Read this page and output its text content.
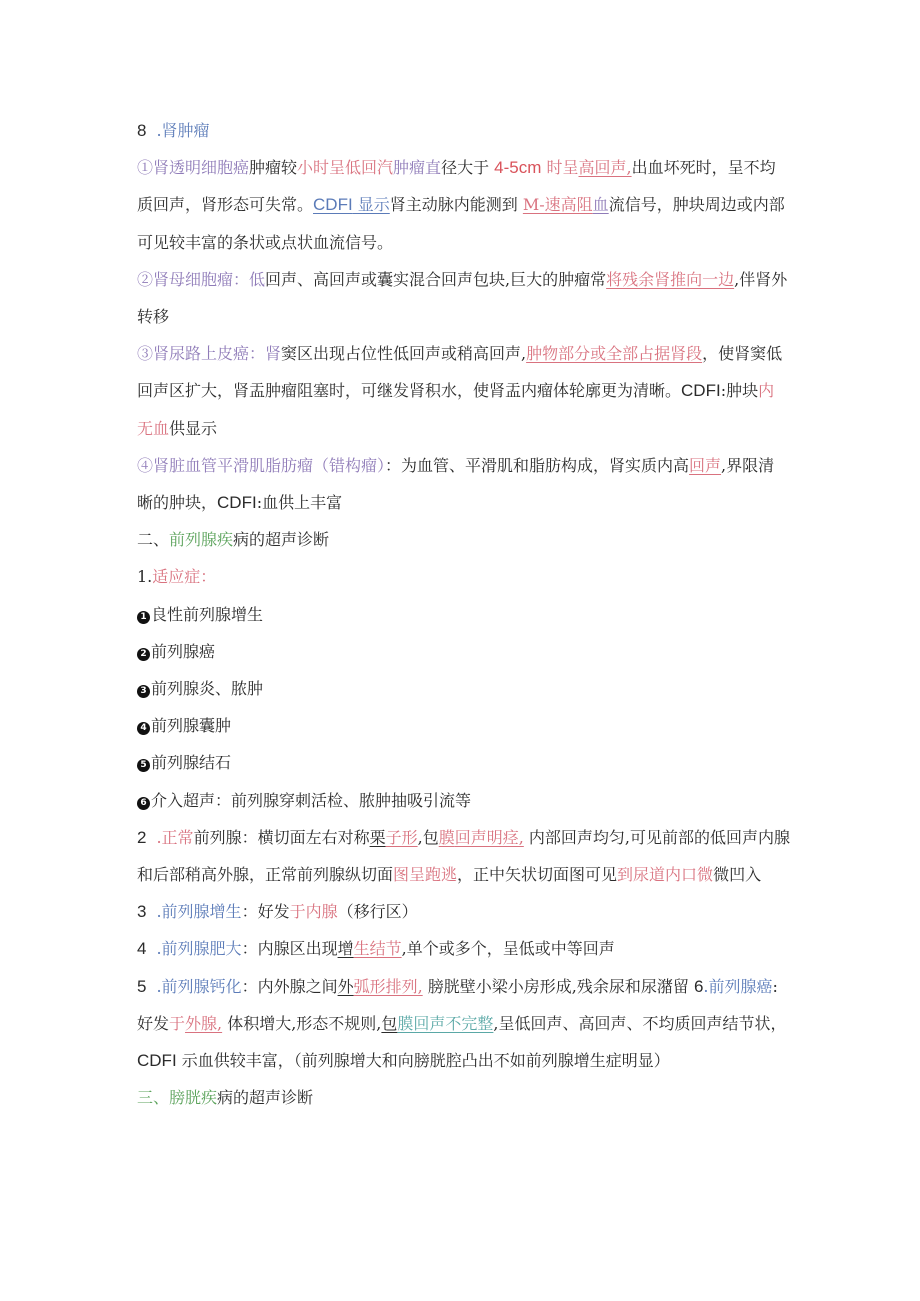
8 .肾肿瘤

①肾透明细胞癌肿瘤较小时呈低回汽肿瘤直径大于 4-5cm 时呈高回声,出血坏死时，呈不均质回声，肾形态可失常。CDFI 显示肾主动脉内能测到 M-速高阻血流信号，肿块周边或内部可见较丰富的条状或点状血流信号。

②肾母细胞瘤：低回声、高回声或囊实混合回声包块,巨大的肿瘤常将残余肾推向一边,伴肾外转移

③肾尿路上皮癌：肾窦区出现占位性低回声或稍高回声,肿物部分或全部占据肾段，使肾窦低回声区扩大，肾盂肿瘤阻塞时，可继发肾积水，使肾盂内瘤体轮廓更为清晰。CDFI:肿块内无血供显示

④肾脏血管平滑肌脂肪瘤（错构瘤）：为血管、平滑肌和脂肪构成，肾实质内高回声,界限清晰的肿块，CDFI:血供上丰富

二、前列腺疾病的超声诊断

1.适应症：

1 良性前列腺增生

2 前列腺癌

3 前列腺炎、脓肿

4 前列腺囊肿

5 前列腺结石

6 介入超声：前列腺穿刺活检、脓肿抽吸引流等

2 .正常前列腺：横切面左右对称栗子形,包膜回声明痉, 内部回声均匀,可见前部的低回声内腺和后部稍高外腺，正常前列腺纵切面图呈跑逃，正中矢状切面图可见到尿道内口微微凹入

3 .前列腺增生：好发于内腺（移行区）

4 .前列腺肥大：内腺区出现增生结节,单个或多个，呈低或中等回声

5 .前列腺钙化：内外腺之间外弧形排列, 膀胱壁小梁小房形成,残余尿和尿潴留 6.前列腺癌:好发于外腺, 体积增大,形态不规则,包膜回声不完整,呈低回声、高回声、不均质回声结节状，CDFI 示血供较丰富，（前列腺增大和向膀胱腔凸出不如前列腺增生症明显）

三、膀胱疾病的超声诊断
